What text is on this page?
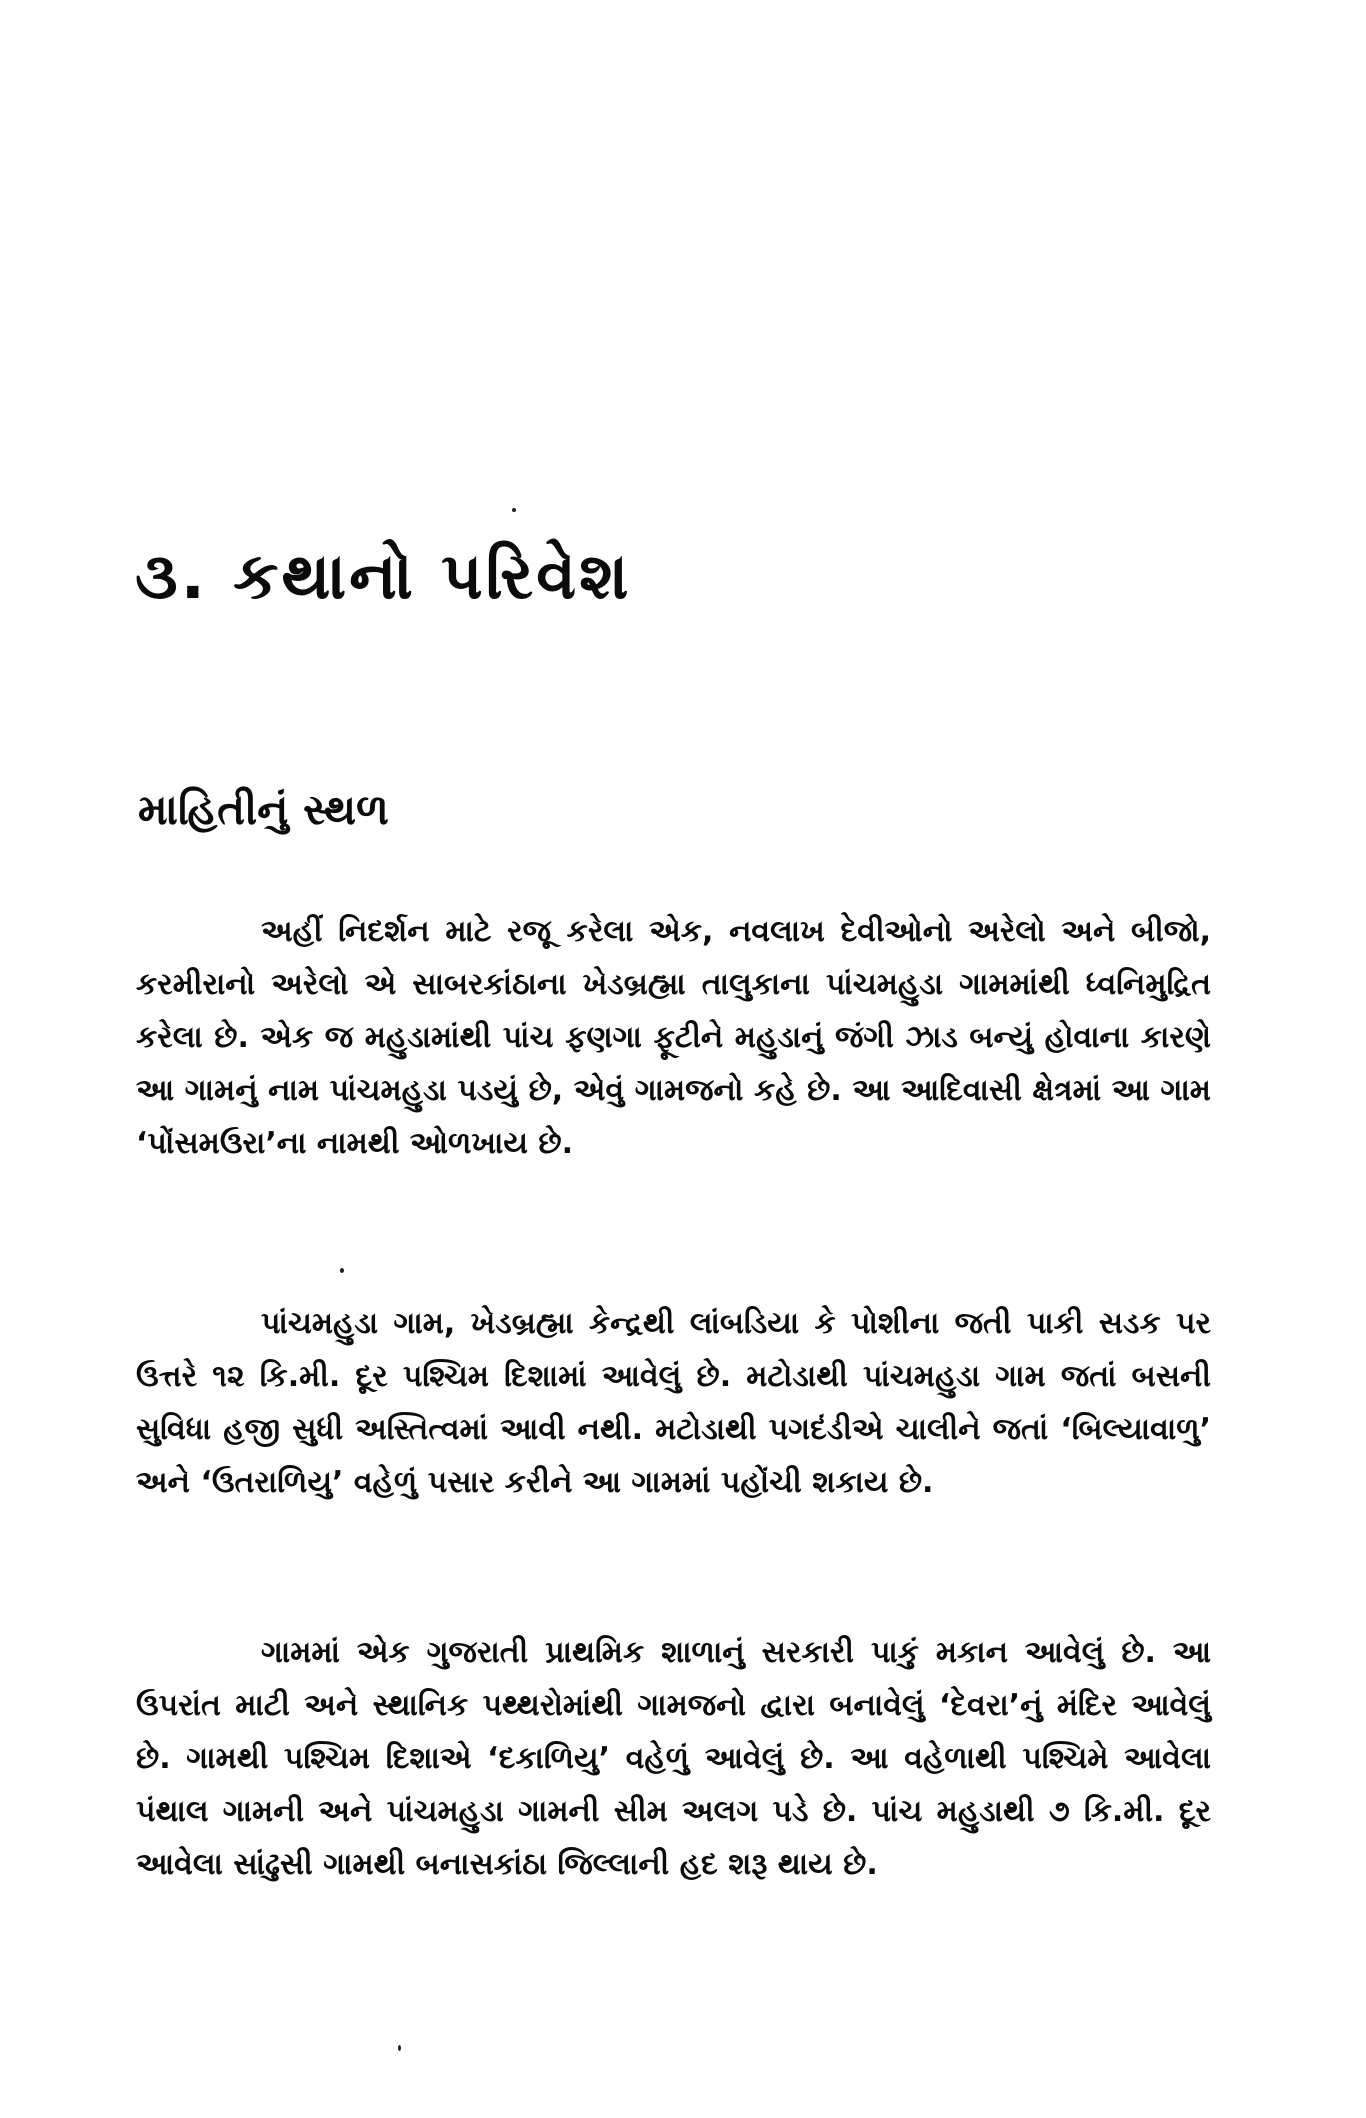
૩. કથાનો પરિવેશ
માહિતીનું સ્થળ

અહીં નિદર્શન માટે રજૂ કરેલા એક, નવલાખ દેવીઓનો અરેલો અને બીજો, કરમીરાનો અરેલો એ સાબરકાંઠાના ખેડબ્રહ્મા તાલુકાના પાંચમહુડા ગામમાંથી ધ્વનિમુદ્રિત કરેલા છે. એક જ મહુડામાંથી પાંચ ફણગા ફૂટીને મહુડાનું જંગી ઝાડ બન્યું હોવાના કારણે આ ગામનું નામ પાંચમહુડા પડયું છે, એવું ગામજનો કહે છે. આ આદિવાસી ક્ષેત્રમાં આ ગામ ‘પોંસમઉરા’ના નામથી ઓળખાય છે.

પાંચમહુડા ગામ, ખેડબ્રહ્મા કેન્દ્રથી લાંબડિયા કે પોશીના જતી પાકી સડક પર ઉત્તરે ૧૨ કિ.મી. દૂર પશ્ચિમ દિશામાં આવેલું છે. મટોડાથી પાંચમહુડા ગામ જતાં બસની સુવિધા હજી સુધી અસ્તિત્વમાં આવી નથી. મટોડાથી પગદંડીએ ચાલીને જતાં ‘બિલ્યાવાળુ’ અને ‘ઉતરાળિયુ’ વહેળું પસાર કરીને આ ગામમાં પહોંચી શકાય છે.

ગામમાં એક ગુજરાતી પ્રાથમિક શાળાનું સરકારી પાકું મકાન આવેલું છે. આ ઉપરાંત માટી અને સ્થાનિક પથ્થરોમાંથી ગામજનો દ્વારા બનાવેલું ‘દેવરા’નું મંદિર આવેલું છે. ગામથી પશ્ચિમ દિશાએ ‘દકાળિયુ’ વહેળું આવેલું છે. આ વહેળાથી પશ્ચિમે આવેલા પંથાલ ગામની અને પાંચમહુડા ગામની સીમ અલગ પડે છે. પાંચ મહુડાથી ૭ કિ.મી. દૂર આવેલા સાંઢુસી ગામથી બનાસકાંઠા જિલ્લાની હદ શરૂ થાય છે.
